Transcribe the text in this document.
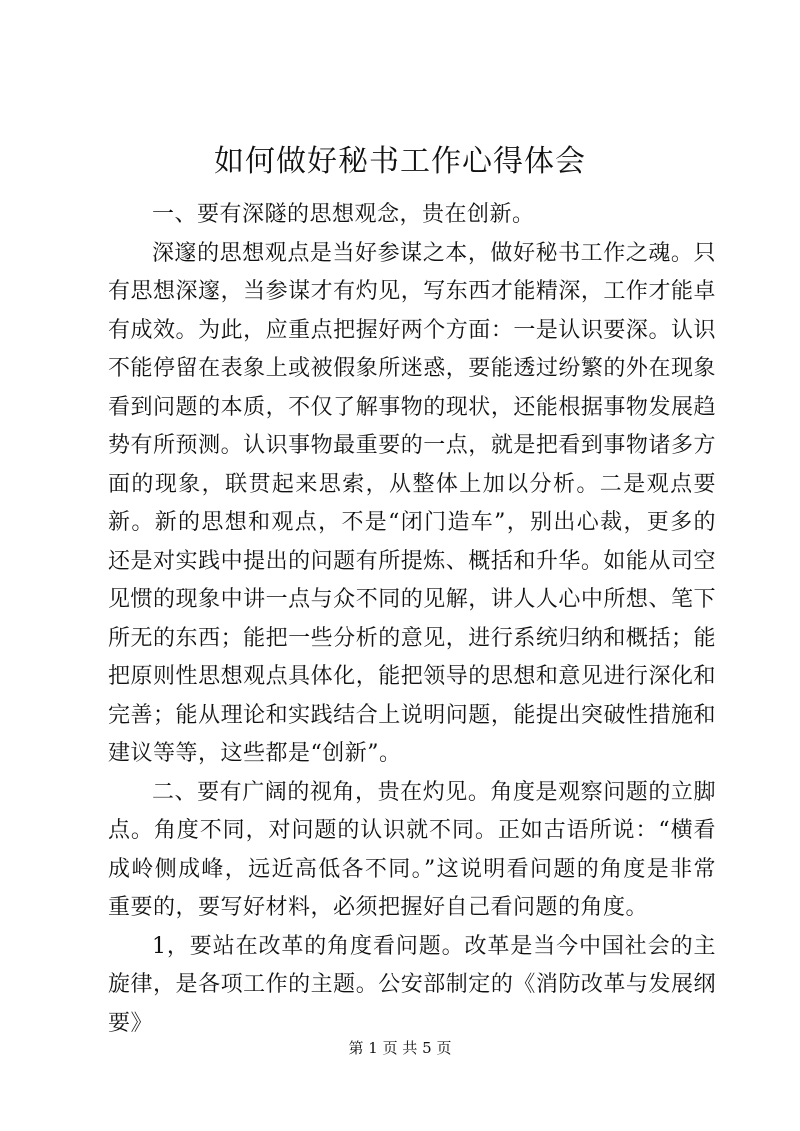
如何做好秘书工作心得体会

一、要有深隧的思想观念，贵在创新。

深邃的思想观点是当好参谋之本，做好秘书工作之魂。只有思想深邃，当参谋才有灼见，写东西才能精深，工作才能卓有成效。为此，应重点把握好两个方面：一是认识要深。认识不能停留在表象上或被假象所迷惑，要能透过纷繁的外在现象看到问题的本质，不仅了解事物的现状，还能根据事物发展趋势有所预测。认识事物最重要的一点，就是把看到事物诸多方面的现象，联贯起来思索，从整体上加以分析。二是观点要新。新的思想和观点，不是“闭门造车”，别出心裁，更多的还是对实践中提出的问题有所提炼、概括和升华。如能从司空见惯的现象中讲一点与众不同的见解，讲人人心中所想、笔下所无的东西；能把一些分析的意见，进行系统归纳和概括；能把原则性思想观点具体化，能把领导的思想和意见进行深化和完善；能从理论和实践结合上说明问题，能提出突破性措施和建议等等，这些都是“创新”。

二、要有广阔的视角，贵在灼见。角度是观察问题的立脚点。角度不同，对问题的认识就不同。正如古语所说：“横看成岭侧成峰，远近高低各不同。”这说明看问题的角度是非常重要的，要写好材料，必须把握好自己看问题的角度。

1，要站在改革的角度看问题。改革是当今中国社会的主旋律，是各项工作的主题。公安部制定的《消防改革与发展纲要》

第 1 页 共 5 页
